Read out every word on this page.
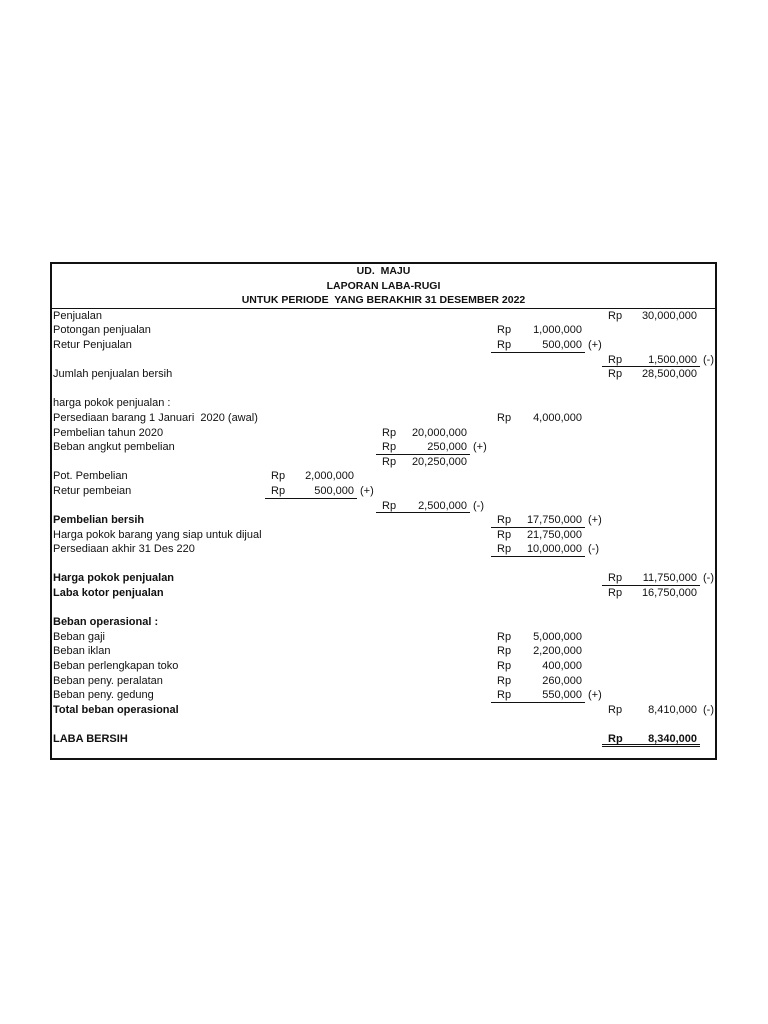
UD.  MAJU
LAPORAN LABA-RUGI
UNTUK PERIODE  YANG BERAKHIR 31 DESEMBER 2022
Penjualan	Rp 30,000,000
Potongan penjualan	Rp 1,000,000
Retur Penjualan	Rp	500,000 (+)
Rp 1,500,000 (-)
Jumlah penjualan bersih	Rp 28,500,000
harga pokok penjualan :
Persediaan barang 1 Januari  2020 (awal)	Rp 4,000,000
Pembelian tahun 2020	Rp 20,000,000
Beban angkut pembelian	Rp	250,000 (+)
Rp 20,250,000
Pot. Pembelian	Rp 2,000,000
Retur pembeian	Rp	500,000 (+)
Rp 2,500,000 (-)
Pembelian bersih	Rp 17,750,000 (+)
Harga pokok barang yang siap untuk dijual	Rp 21,750,000
Persediaan akhir 31 Des 220	Rp 10,000,000 (-)
Harga pokok penjualan	Rp 11,750,000 (-)
Laba kotor penjualan	Rp 16,750,000
Beban operasional :
Beban gaji	Rp 5,000,000
Beban iklan	Rp 2,200,000
Beban perlengkapan toko	Rp	400,000
Beban peny. peralatan	Rp	260,000
Beban peny. gedung	Rp	550,000 (+)
Total beban operasional	Rp 8,410,000 (-)
LABA BERSIH	Rp 8,340,000
